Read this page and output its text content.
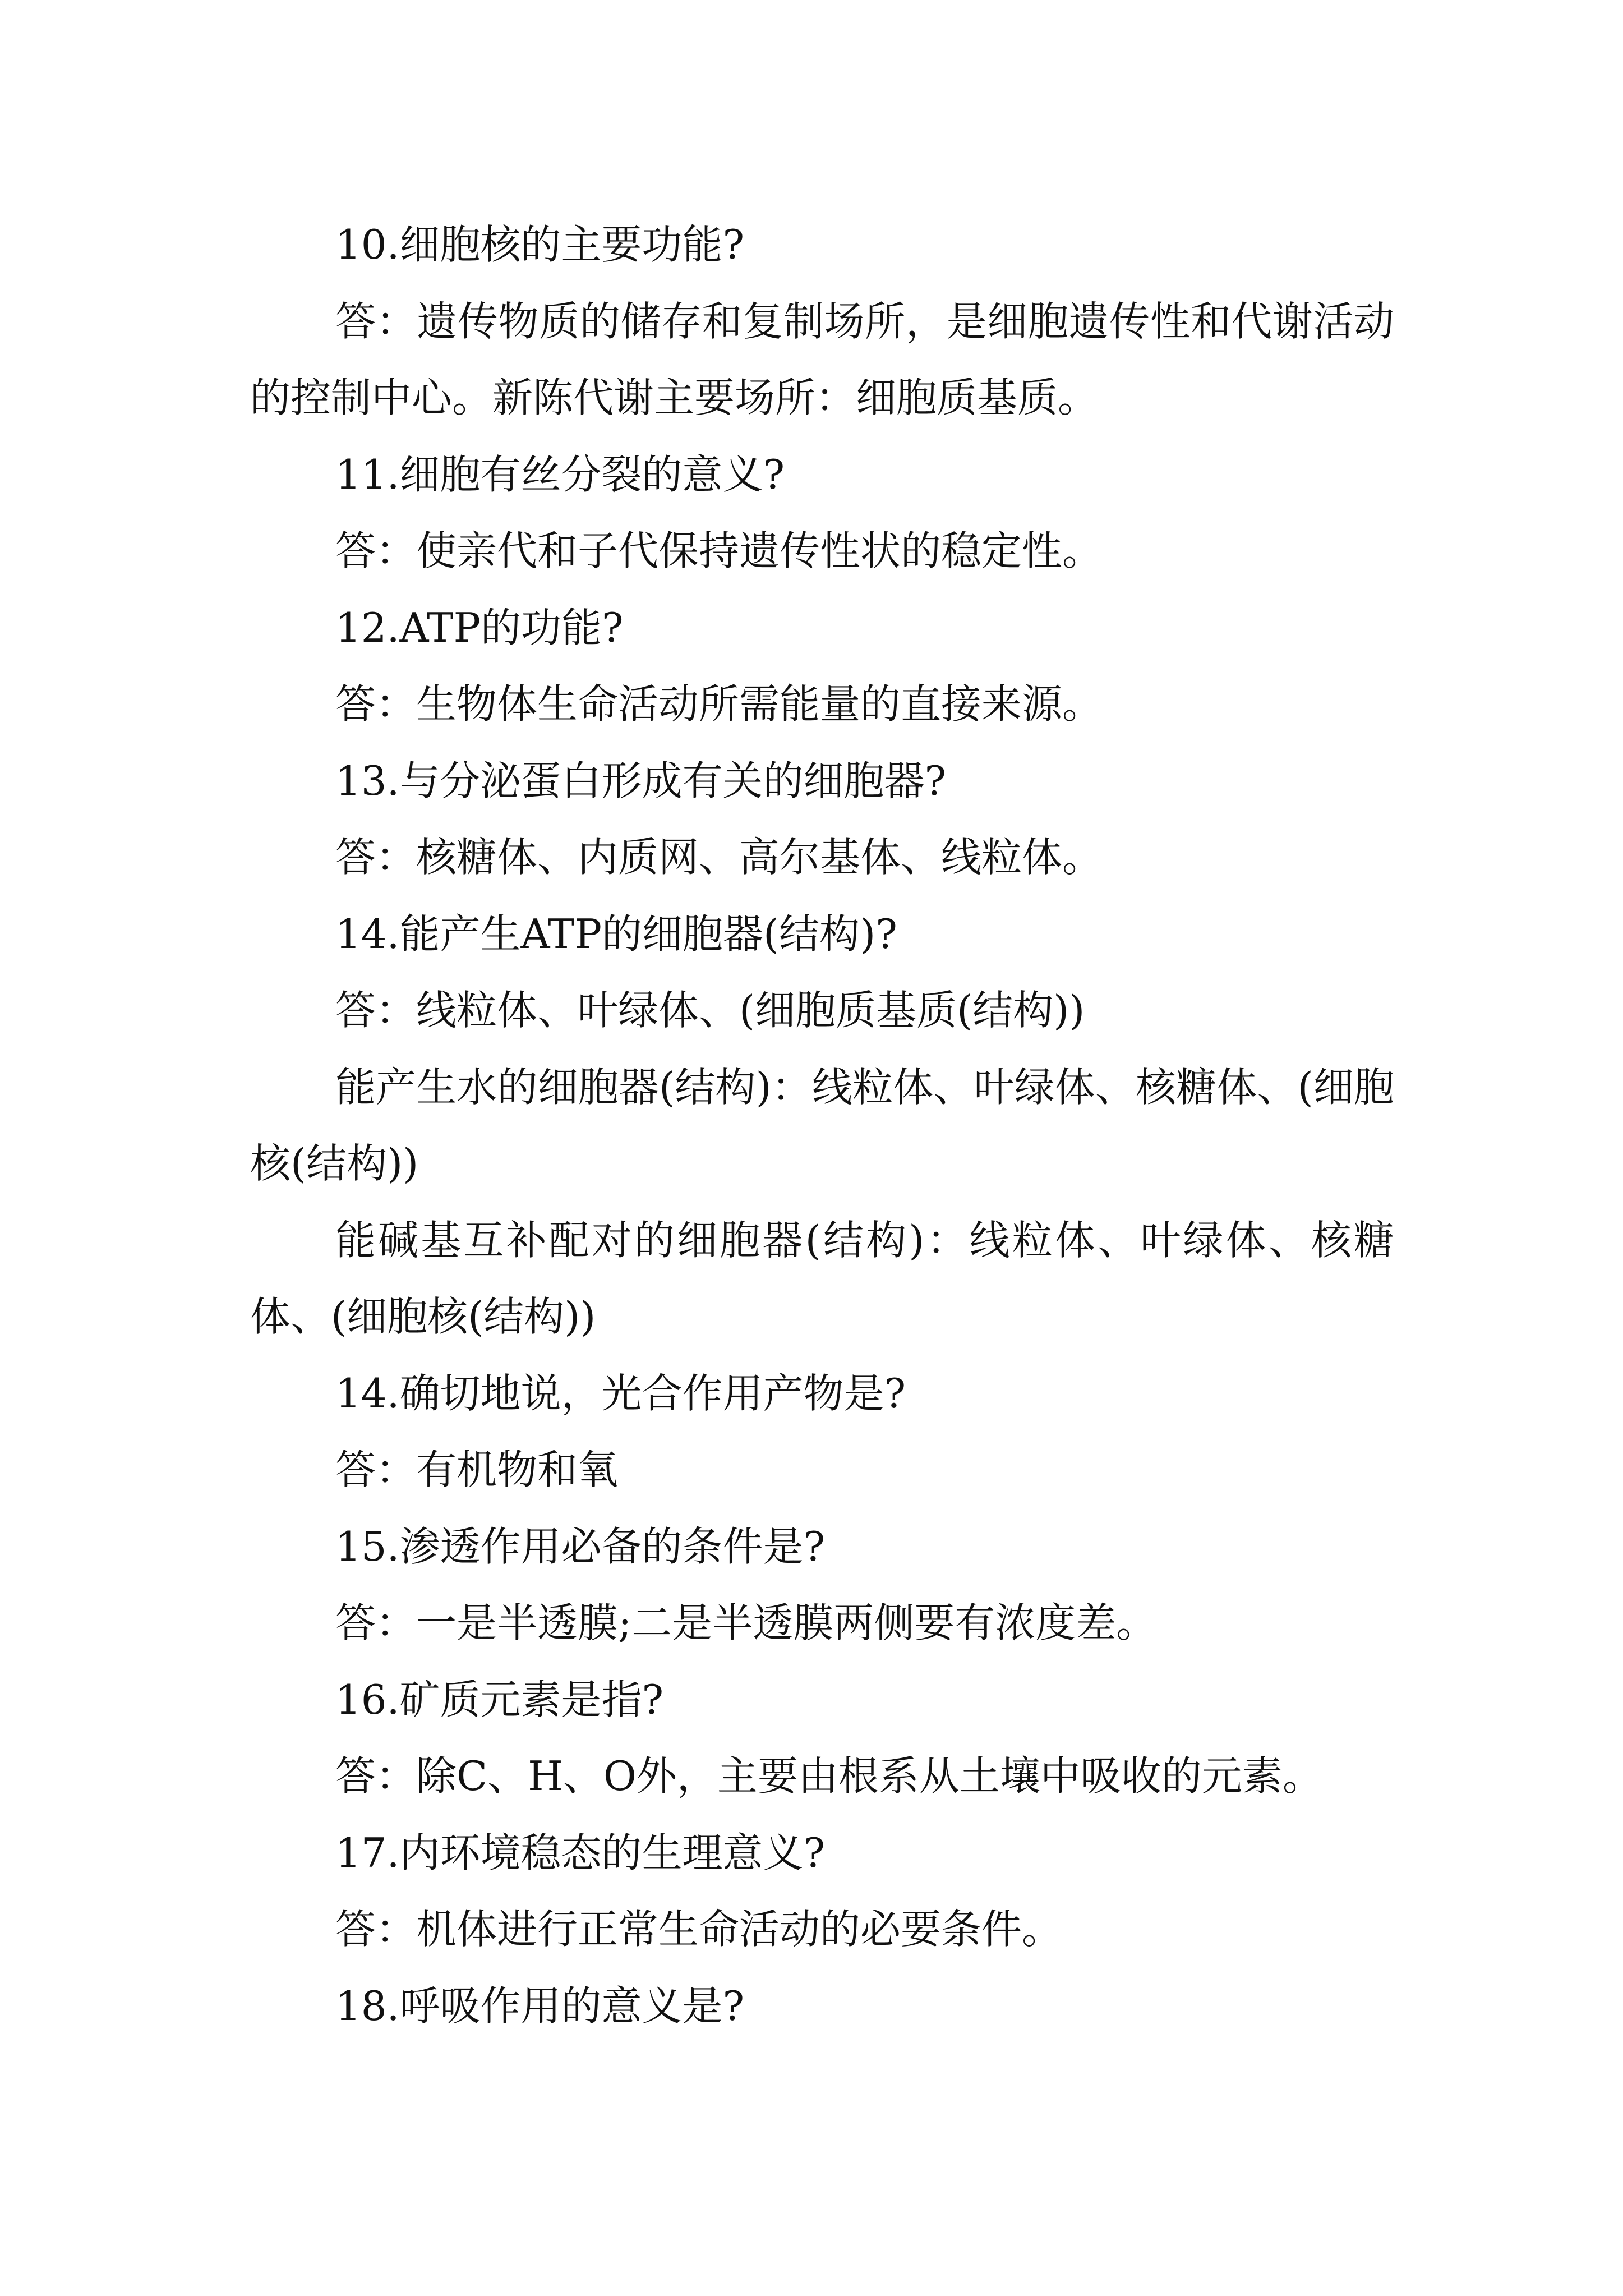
10.细胞核的主要功能?

答：遗传物质的储存和复制场所，是细胞遗传性和代谢活动的控制中心。新陈代谢主要场所：细胞质基质。

11.细胞有丝分裂的意义?

答：使亲代和子代保持遗传性状的稳定性。

12.ATP的功能?

答：生物体生命活动所需能量的直接来源。

13.与分泌蛋白形成有关的细胞器?

答：核糖体、内质网、高尔基体、线粒体。

14.能产生ATP的细胞器(结构)?

答：线粒体、叶绿体、(细胞质基质(结构))

能产生水的细胞器(结构)：线粒体、叶绿体、核糖体、(细胞核(结构))

能碱基互补配对的细胞器(结构)：线粒体、叶绿体、核糖体、(细胞核(结构))

14.确切地说，光合作用产物是?

答：有机物和氧

15.渗透作用必备的条件是?

答：一是半透膜;二是半透膜两侧要有浓度差。

16.矿质元素是指?

答：除C、H、O外，主要由根系从土壤中吸收的元素。

17.内环境稳态的生理意义?

答：机体进行正常生命活动的必要条件。

18.呼吸作用的意义是?
